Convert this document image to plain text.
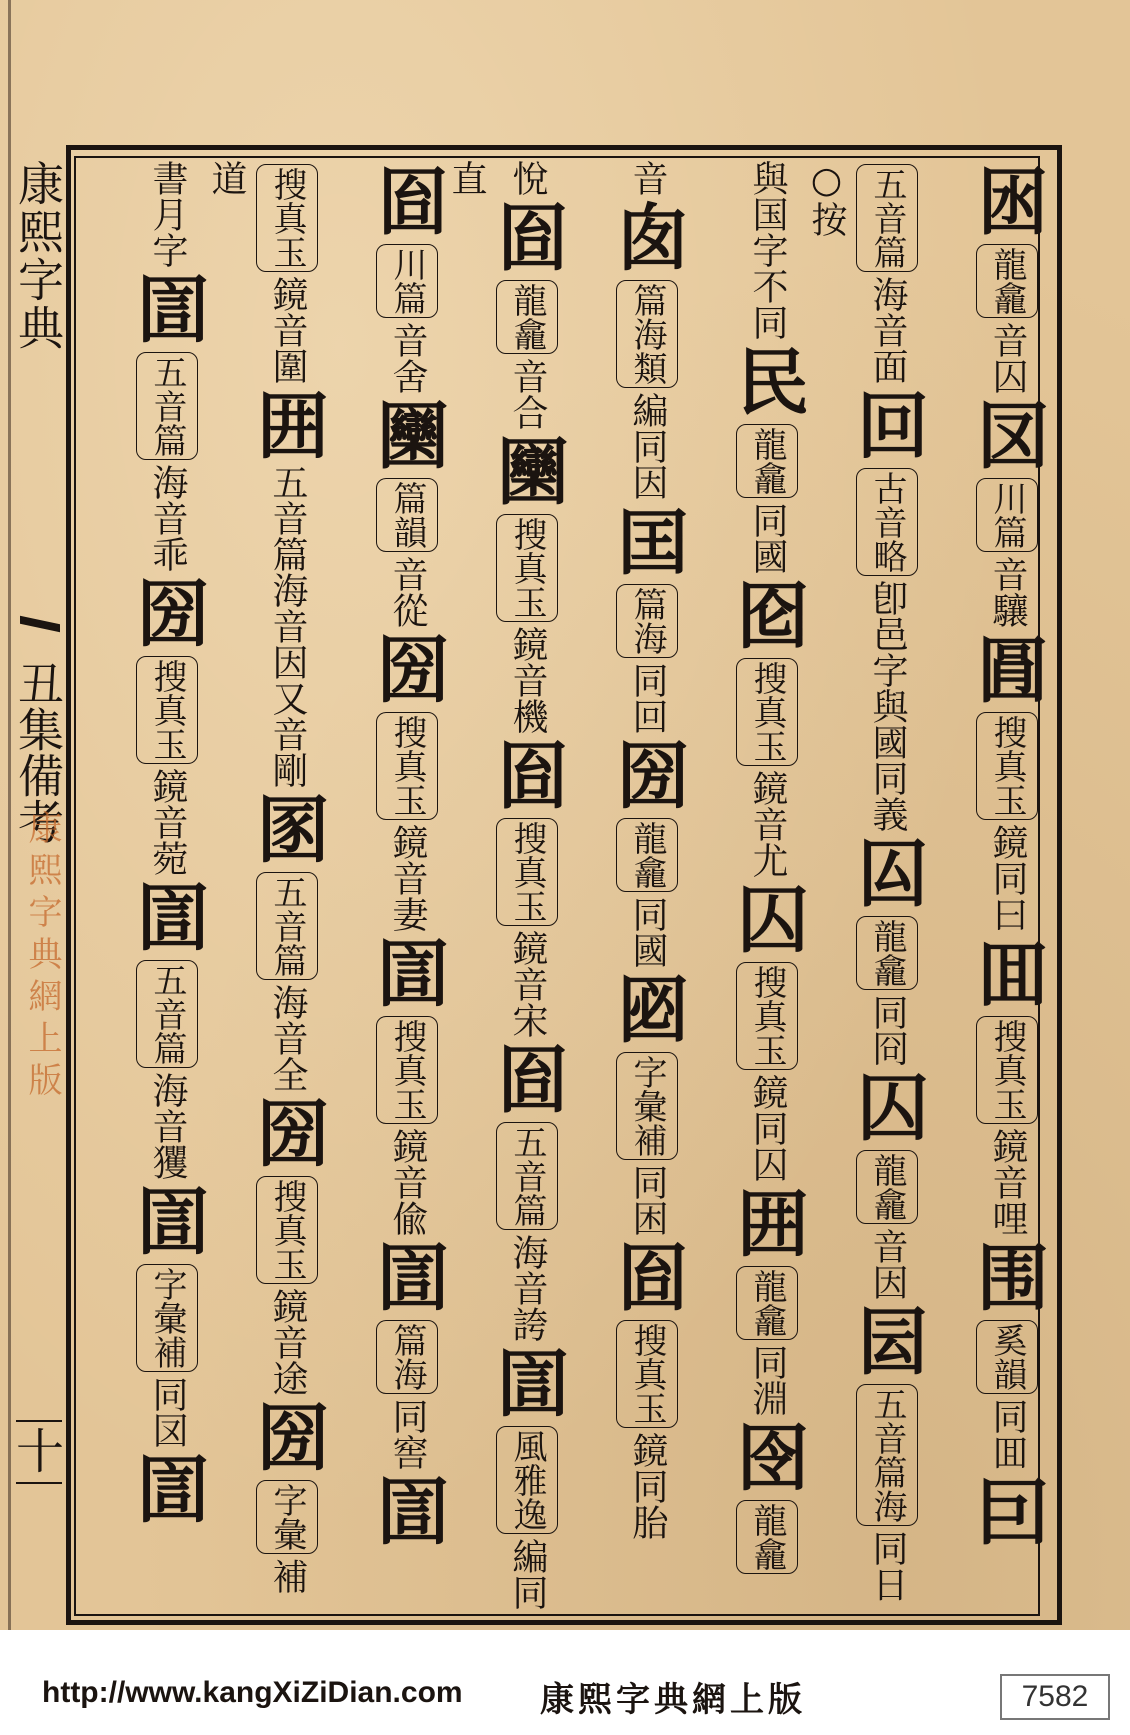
康熙字典
丑集備考
康熙字典網上版
十
囦龍龕音囚㘝川篇音驤㘣搜真玉鏡同曰囬搜真玉鏡音哩围奚韻同囬囙
五音篇海音面回古音略卽邑字與國同義囜龍龕同冏囚龍龕音因囩五音篇海同日○按
與国字不同民龍龕同國囵搜真玉鏡音尤囚搜真玉鏡同囚囲龍龕同淵囹龍龕
音囱篇海類編同因囯篇海同回圀龍龕同國㘠字彙補同困囼搜真玉鏡同胎
悅囼龍龕音合圞搜真玉鏡音機囼搜真玉鏡音宋囼五音篇海音誇圁風雅逸編同直
囼川篇音舍圞篇韻音從圀搜真玉鏡音妻圁搜真玉鏡音偸圁篇海同窖圁
搜真玉鏡音圍囲五音篇海音因又音剛圂五音篇海音全圀搜真玉鏡音途圀字彙補道
書月字圁五音篇海音乖圀搜真玉鏡音菀圁五音篇海音玃圁字彙補同㘝圁
http://www.kangXiZiDian.com 康熙字典網上版	7582
